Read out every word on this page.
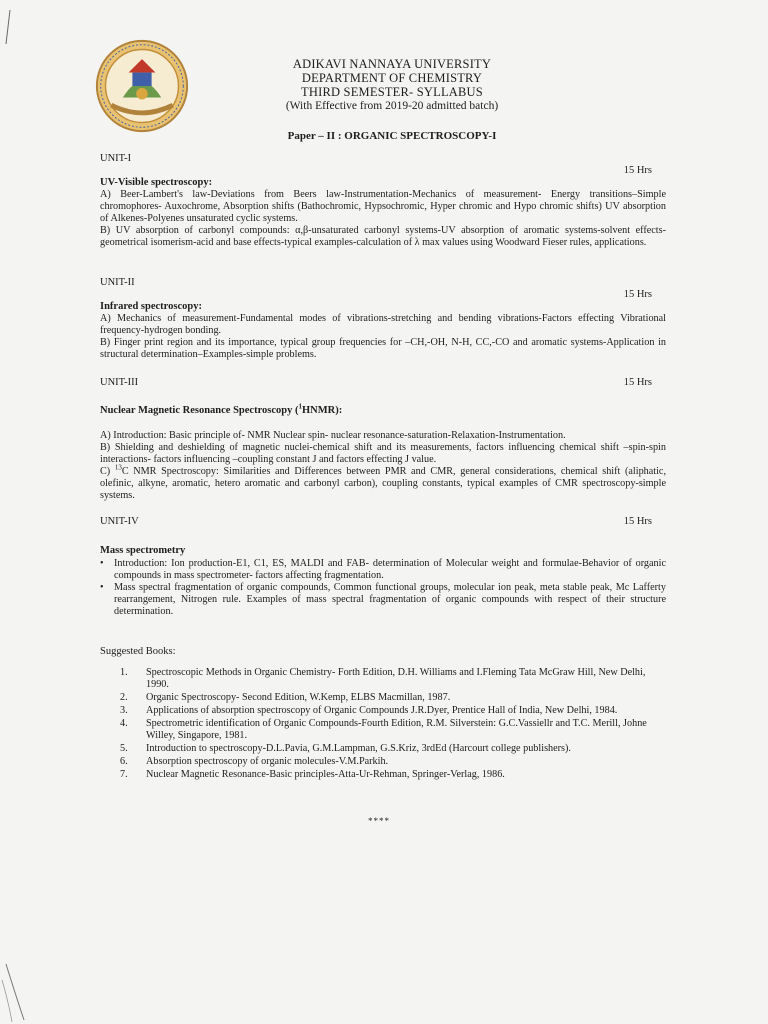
ADIKAVI NANNAYA UNIVERSITY
DEPARTMENT OF CHEMISTRY
THIRD SEMESTER- SYLLABUS
(With Effective from 2019-20 admitted batch)
Paper – II : ORGANIC SPECTROSCOPY-I
UNIT-I
15 Hrs
UV-Visible spectroscopy:

A) Beer-Lambert's law-Deviations from Beers law-Instrumentation-Mechanics of measurement- Energy transitions–Simple chromophores- Auxochrome, Absorption shifts (Bathochromic, Hypsochromic, Hyper chromic and Hypo chromic shifts) UV absorption of Alkenes-Polyenes unsaturated cyclic systems.

B) UV absorption of carbonyl compounds: α,β-unsaturated carbonyl systems-UV absorption of aromatic systems-solvent effects-geometrical isomerism-acid and base effects-typical examples-calculation of λ max values using Woodward Fieser rules, applications.

UNIT-II
15 Hrs
Infrared spectroscopy:

A) Mechanics of measurement-Fundamental modes of vibrations-stretching and bending vibrations-Factors effecting Vibrational frequency-hydrogen bonding.

B) Finger print region and its importance, typical group frequencies for –CH,-OH, N-H, CC,-CO and aromatic systems-Application in structural determination–Examples-simple problems.

UNIT-III	15 Hrs
Nuclear Magnetic Resonance Spectroscopy ($^1$HNMR):

A) Introduction: Basic principle of- NMR Nuclear spin- nuclear resonance-saturation-Relaxation-Instrumentation.

B) Shielding and deshielding of magnetic nuclei-chemical shift and its measurements, factors influencing chemical shift –spin-spin interactions- factors influencing –coupling constant J and factors effecting J value.

C) $^{13}$C NMR Spectroscopy: Similarities and Differences between PMR and CMR, general considerations, chemical shift (aliphatic, olefinic, alkyne, aromatic, hetero aromatic and carbonyl carbon), coupling constants, typical examples of CMR spectroscopy-simple systems.

UNIT-IV	15 Hrs
Mass spectrometry
•	Introduction: Ion production-E1, C1, ES, MALDI and FAB- determination of Molecular weight and formulae-Behavior of organic compounds in mass spectrometer- factors affecting fragmentation.

•	Mass spectral fragmentation of organic compounds, Common functional groups, molecular ion peak, meta stable peak, Mc Lafferty rearrangement, Nitrogen rule. Examples of mass spectral fragmentation of organic compounds with respect of their structure determination.

Suggested Books:
1.	Spectroscopic Methods in Organic Chemistry- Forth Edition, D.H. Williams and I.Fleming Tata McGraw Hill, New Delhi, 1990.
2.	Organic Spectroscopy- Second Edition, W.Kemp, ELBS Macmillan, 1987.
3.	Applications of absorption spectroscopy of Organic Compounds J.R.Dyer, Prentice Hall of India, New Delhi, 1984.
4.	Spectrometric identification of Organic Compounds-Fourth Edition, R.M. Silverstein: G.C.Vassiellr and T.C. Merill, Johne Willey, Singapore, 1981.
5.	Introduction to spectroscopy-D.L.Pavia, G.M.Lampman, G.S.Kriz, 3rdEd (Harcourt college publishers).
6.	Absorption spectroscopy of organic molecules-V.M.Parkih.
7.	Nuclear Magnetic Resonance-Basic principles-Atta-Ur-Rehman, Springer-Verlag, 1986.
****
